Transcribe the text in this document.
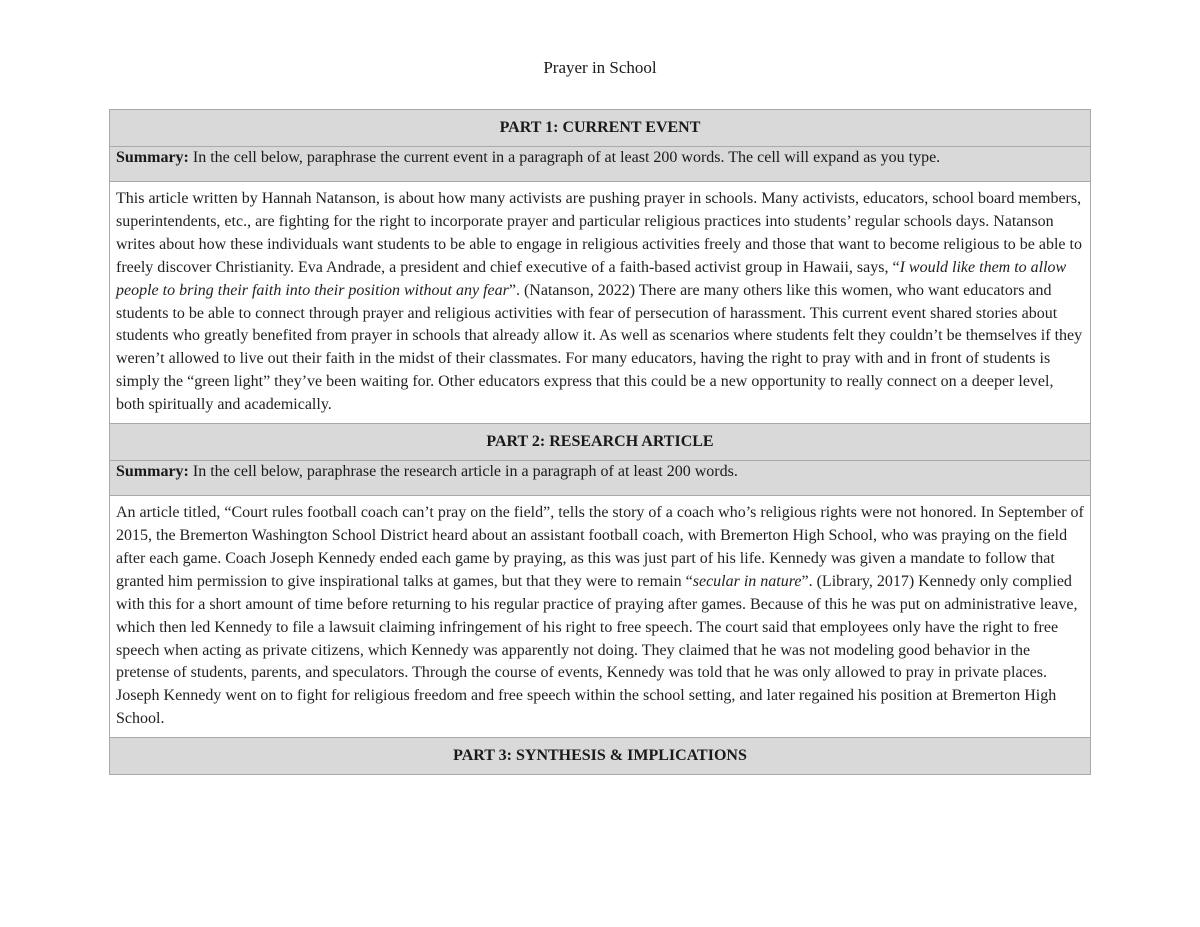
Prayer in School
PART 1: CURRENT EVENT
Summary: In the cell below, paraphrase the current event in a paragraph of at least 200 words. The cell will expand as you type.
This article written by Hannah Natanson, is about how many activists are pushing prayer in schools. Many activists, educators, school board members, superintendents, etc., are fighting for the right to incorporate prayer and particular religious practices into students’ regular schools days. Natanson writes about how these individuals want students to be able to engage in religious activities freely and those that want to become religious to be able to freely discover Christianity. Eva Andrade, a president and chief executive of a faith-based activist group in Hawaii, says, “I would like them to allow people to bring their faith into their position without any fear”. (Natanson, 2022) There are many others like this women, who want educators and students to be able to connect through prayer and religious activities with fear of persecution of harassment. This current event shared stories about students who greatly benefited from prayer in schools that already allow it. As well as scenarios where students felt they couldn’t be themselves if they weren’t allowed to live out their faith in the midst of their classmates. For many educators, having the right to pray with and in front of students is simply the “green light” they’ve been waiting for. Other educators express that this could be a new opportunity to really connect on a deeper level, both spiritually and academically.
PART 2: RESEARCH ARTICLE
Summary: In the cell below, paraphrase the research article in a paragraph of at least 200 words.
An article titled, “Court rules football coach can’t pray on the field”, tells the story of a coach who’s religious rights were not honored. In September of 2015, the Bremerton Washington School District heard about an assistant football coach, with Bremerton High School, who was praying on the field after each game. Coach Joseph Kennedy ended each game by praying, as this was just part of his life. Kennedy was given a mandate to follow that granted him permission to give inspirational talks at games, but that they were to remain “secular in nature”. (Library, 2017) Kennedy only complied with this for a short amount of time before returning to his regular practice of praying after games. Because of this he was put on administrative leave, which then led Kennedy to file a lawsuit claiming infringement of his right to free speech. The court said that employees only have the right to free speech when acting as private citizens, which Kennedy was apparently not doing. They claimed that he was not modeling good behavior in the pretense of students, parents, and speculators. Through the course of events, Kennedy was told that he was only allowed to pray in private places. Joseph Kennedy went on to fight for religious freedom and free speech within the school setting, and later regained his position at Bremerton High School.
PART 3: SYNTHESIS & IMPLICATIONS
